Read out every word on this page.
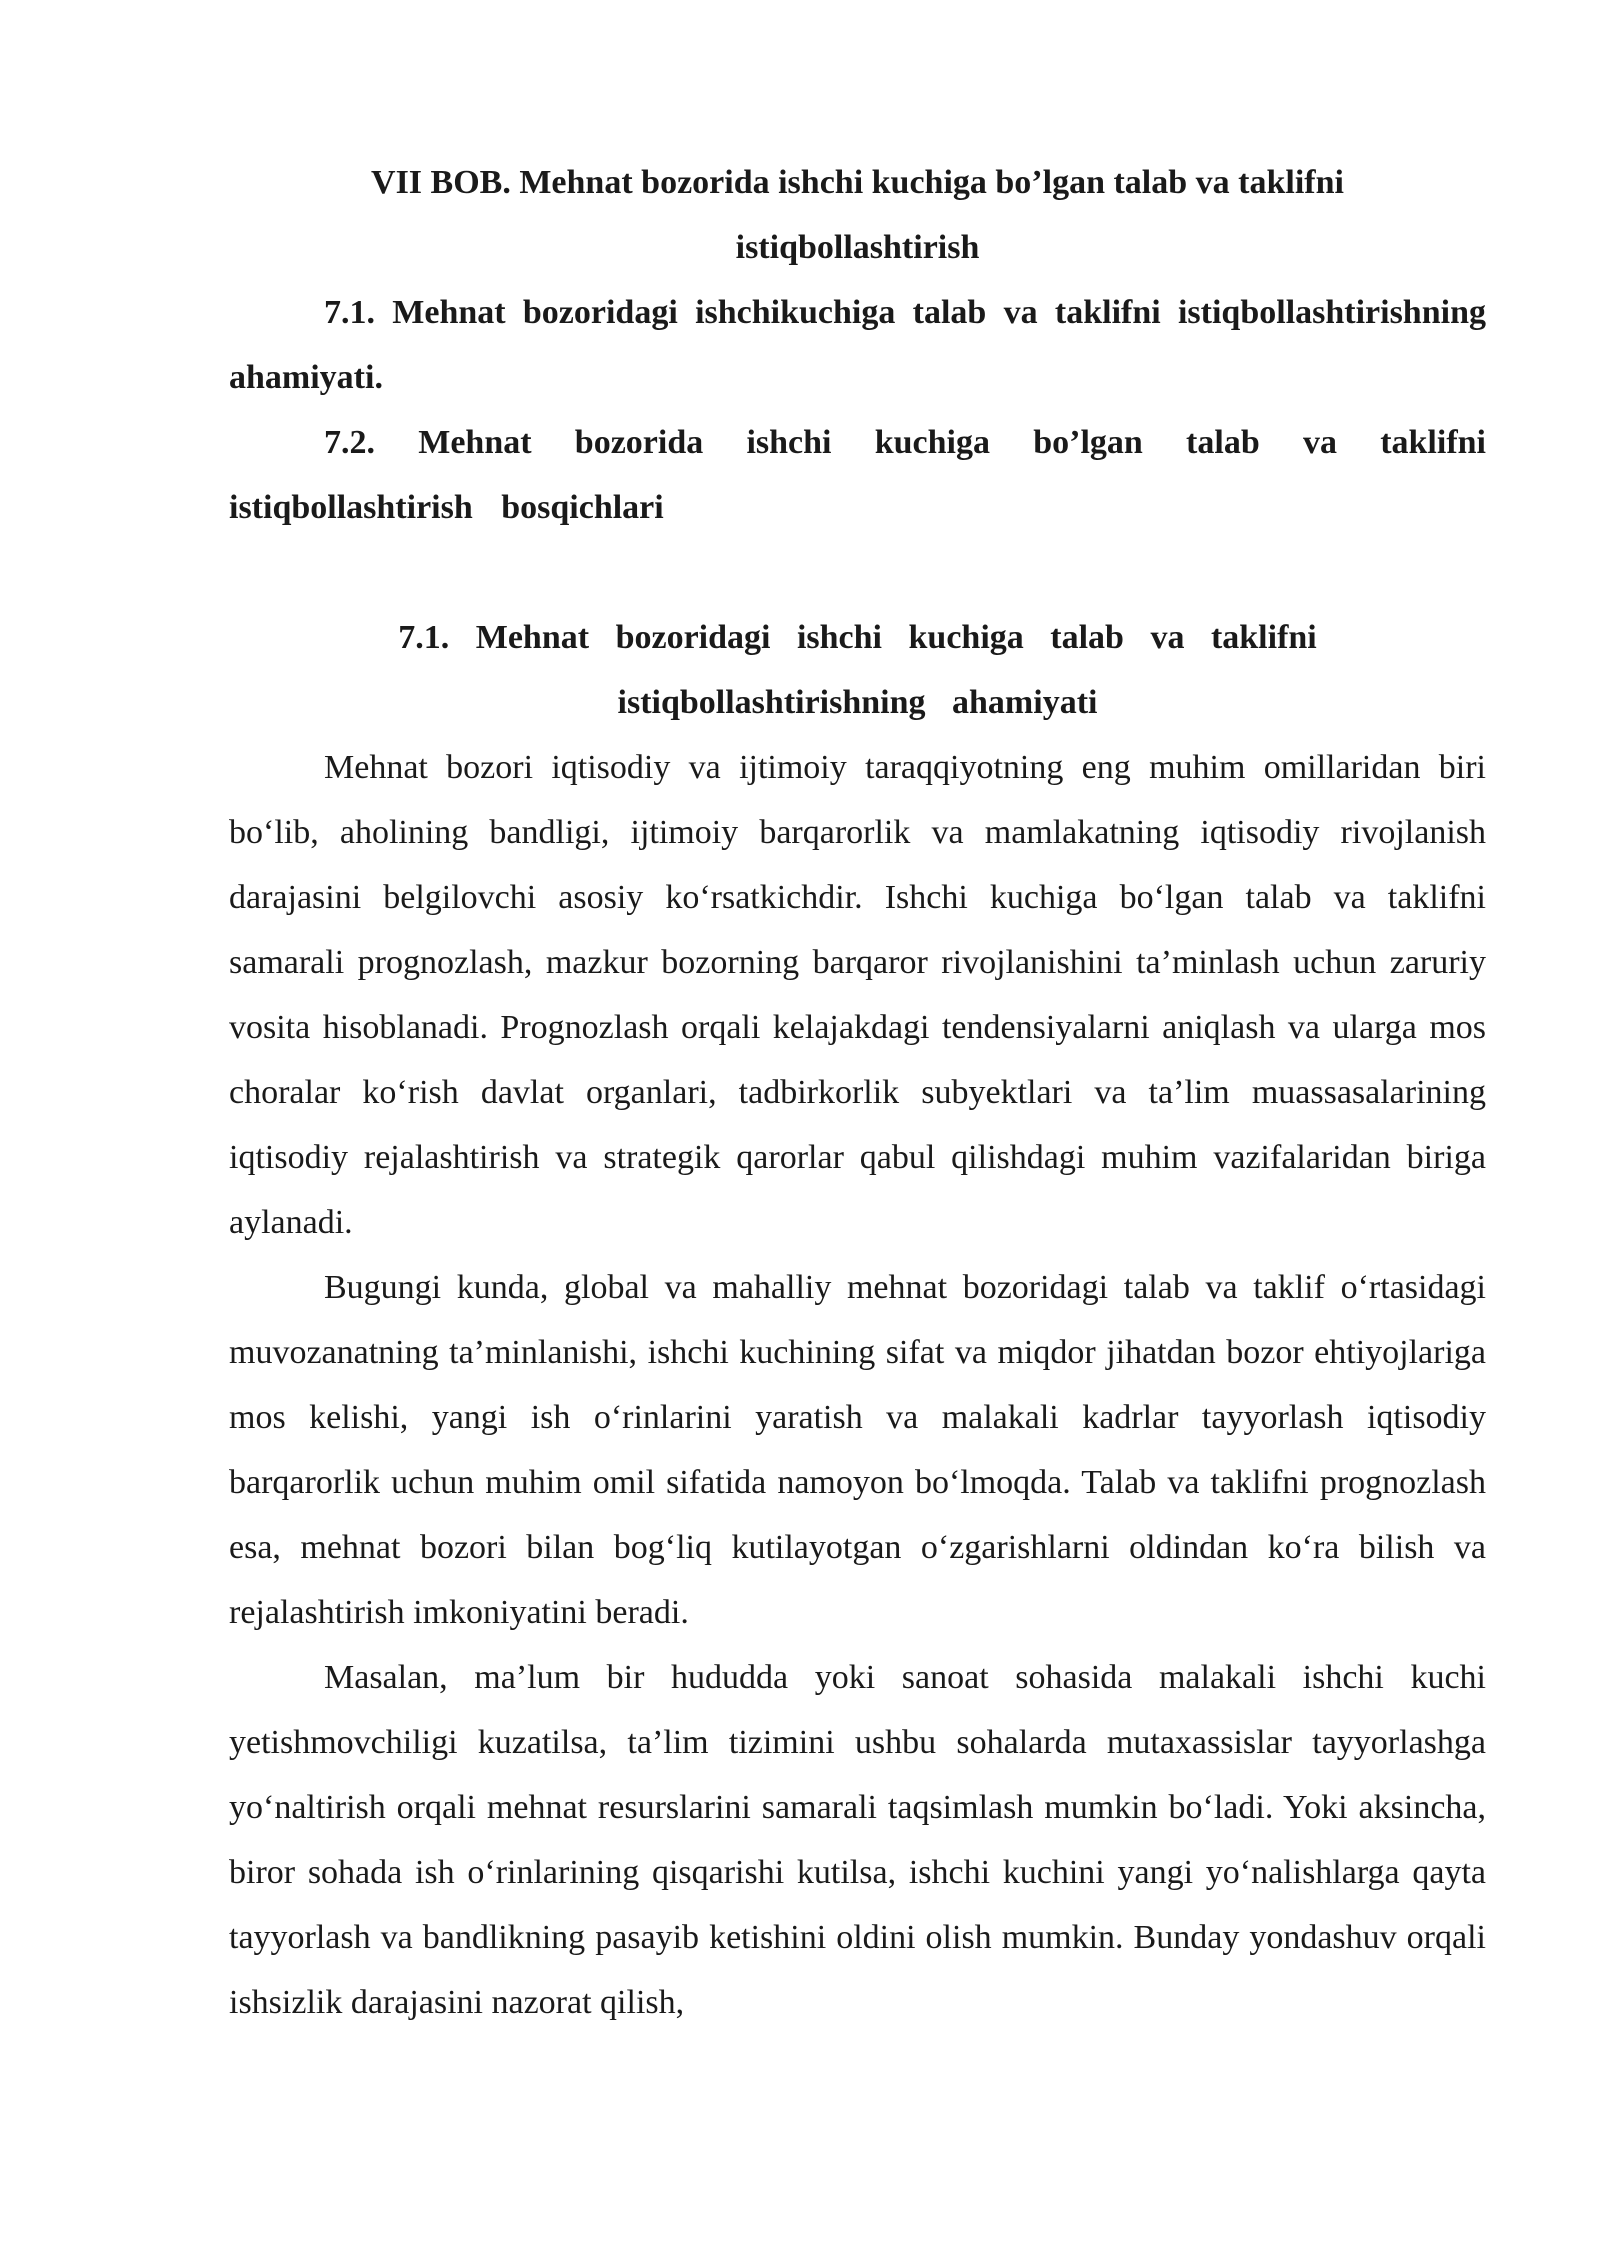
VII BOB. Mehnat bozorida ishchi kuchiga bo’lgan talab va taklifni istiqbollashtirish

7.1. Mehnat bozoridagi ishchikuchiga talab va taklifni istiqbollashtirishning ahamiyati.

7.2. Mehnat bozorida ishchi kuchiga bo’lgan talab va taklifni istiqbollashtirish bosqichlari

7.1. Mehnat bozoridagi ishchi kuchiga talab va taklifni istiqbollashtirishning ahamiyati

Mehnat bozori iqtisodiy va ijtimoiy taraqqiyotning eng muhim omillaridan biri bo‘lib, aholining bandligi, ijtimoiy barqarorlik va mamlakatning iqtisodiy rivojlanish darajasini belgilovchi asosiy ko‘rsatkichdir. Ishchi kuchiga bo‘lgan talab va taklifni samarali prognozlash, mazkur bozorning barqaror rivojlanishini ta’minlash uchun zaruriy vosita hisoblanadi. Prognozlash orqali kelajakdagi tendensiyalarni aniqlash va ularga mos choralar ko‘rish davlat organlari, tadbirkorlik subyektlari va ta’lim muassasalarining iqtisodiy rejalashtirish va strategik qarorlar qabul qilishdagi muhim vazifalaridan biriga aylanadi.

Bugungi kunda, global va mahalliy mehnat bozoridagi talab va taklif o‘rtasidagi muvozanatning ta’minlanishi, ishchi kuchining sifat va miqdor jihatdan bozor ehtiyojlariga mos kelishi, yangi ish o‘rinlarini yaratish va malakali kadrlar tayyorlash iqtisodiy barqarorlik uchun muhim omil sifatida namoyon bo‘lmoqda. Talab va taklifni prognozlash esa, mehnat bozori bilan bog‘liq kutilayotgan o‘zgarishlarni oldindan ko‘ra bilish va rejalashtirish imkoniyatini beradi.

Masalan, ma’lum bir hududda yoki sanoat sohasida malakali ishchi kuchi yetishmovchiligi kuzatilsa, ta’lim tizimini ushbu sohalarda mutaxassislar tayyorlashga yo‘naltirish orqali mehnat resurslarini samarali taqsimlash mumkin bo‘ladi. Yoki aksincha, biror sohada ish o‘rinlarining qisqarishi kutilsa, ishchi kuchini yangi yo‘nalishlarga qayta tayyorlash va bandlikning pasayib ketishini oldini olish mumkin. Bunday yondashuv orqali ishsizlik darajasini nazorat qilish,
